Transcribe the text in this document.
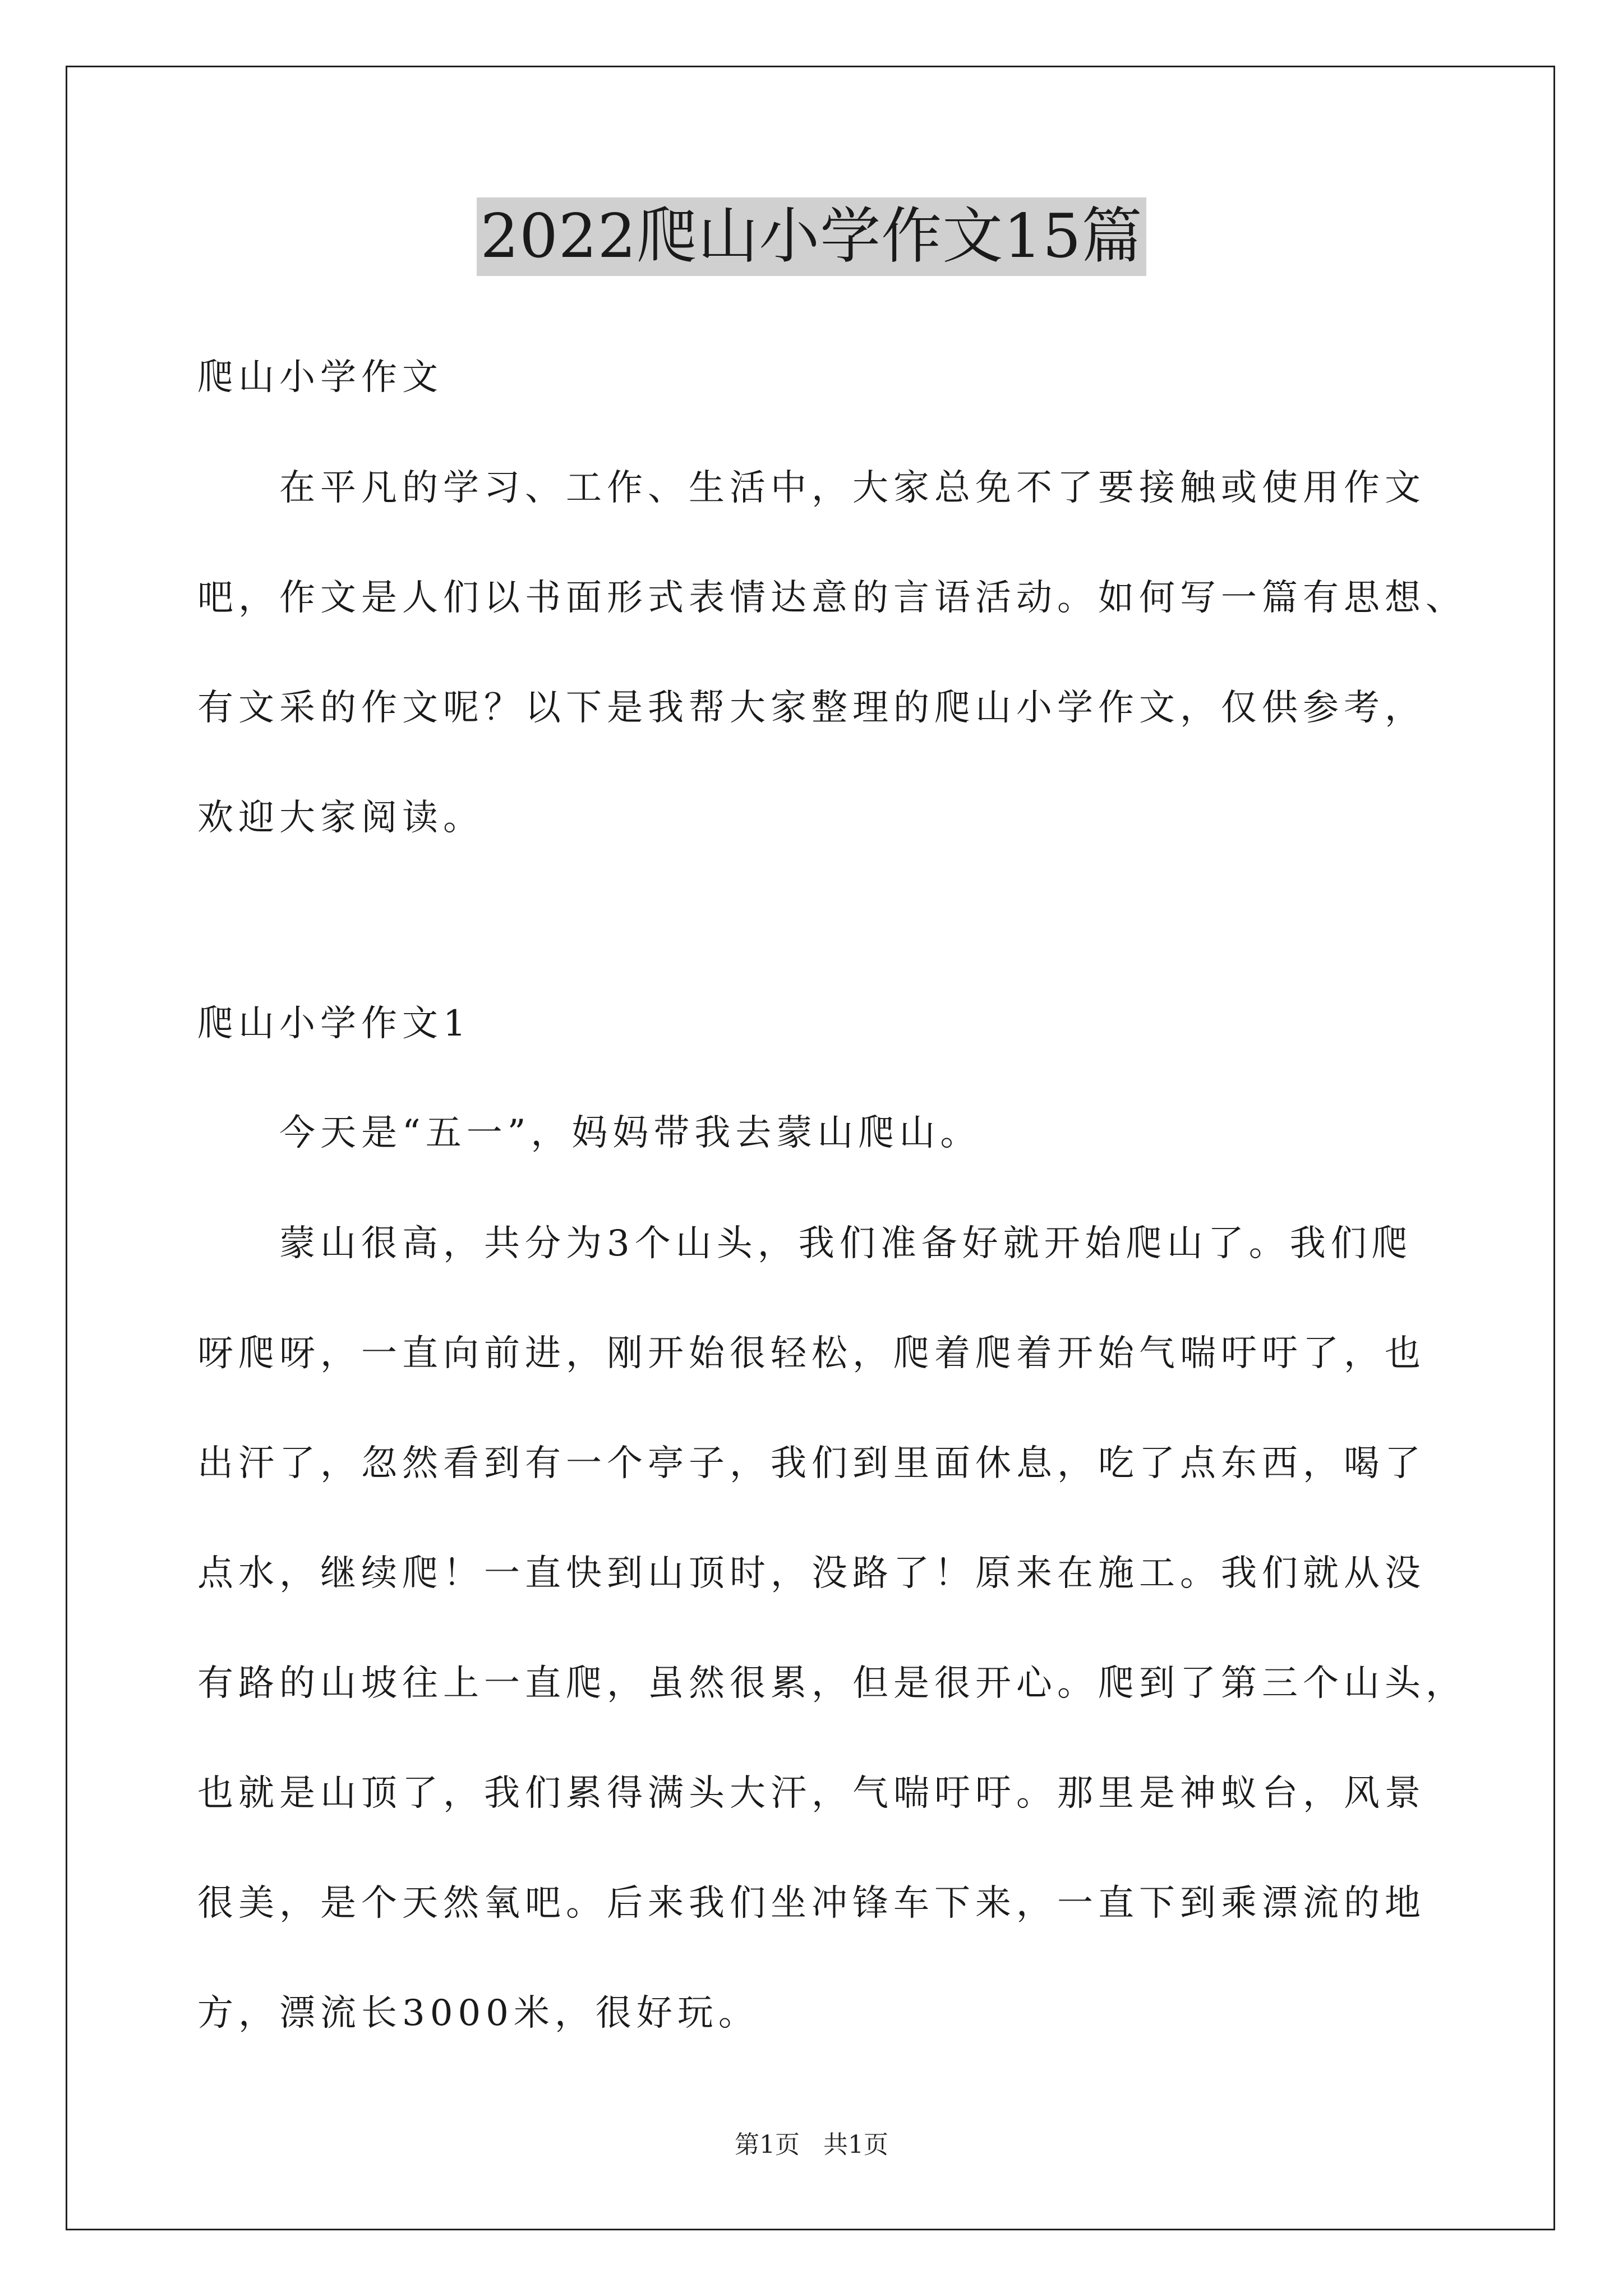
2022爬山小学作文15篇
爬山小学作文
在平凡的学习、工作、生活中，大家总免不了要接触或使用作文
吧，作文是人们以书面形式表情达意的言语活动。如何写一篇有思想、
有文采的作文呢？以下是我帮大家整理的爬山小学作文，仅供参考，
欢迎大家阅读。
爬山小学作文1
今天是“五一”，妈妈带我去蒙山爬山。
蒙山很高，共分为3个山头，我们准备好就开始爬山了。我们爬
呀爬呀，一直向前进，刚开始很轻松，爬着爬着开始气喘吁吁了，也
出汗了，忽然看到有一个亭子，我们到里面休息，吃了点东西，喝了
点水，继续爬！一直快到山顶时，没路了！原来在施工。我们就从没
有路的山坡往上一直爬，虽然很累，但是很开心。爬到了第三个山头，
也就是山顶了，我们累得满头大汗，气喘吁吁。那里是神蚁台，风景
很美，是个天然氧吧。后来我们坐冲锋车下来，一直下到乘漂流的地
方，漂流长3000米，很好玩。
第1页 共1页
